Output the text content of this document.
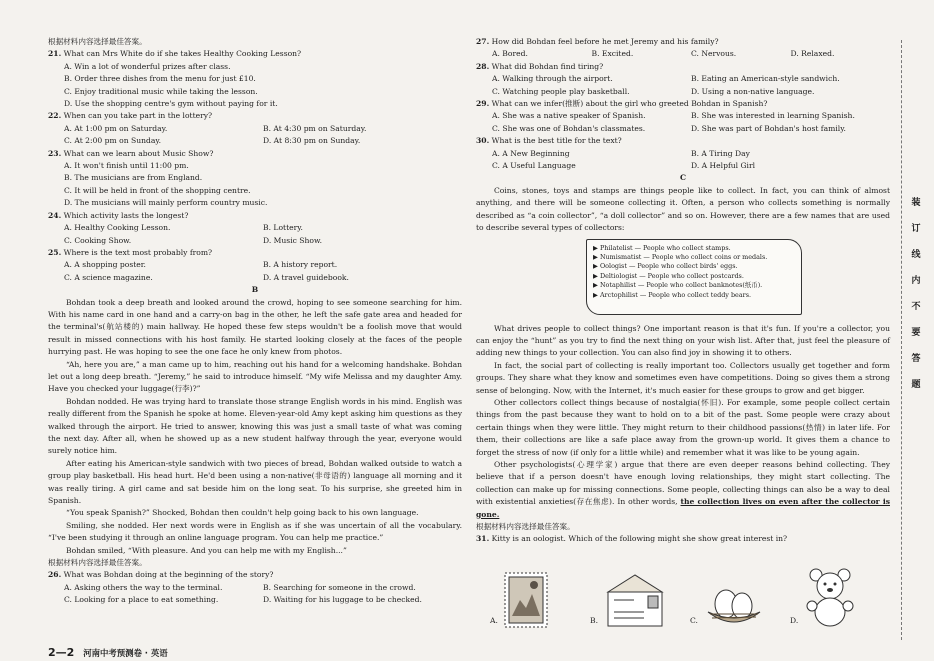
根据材料内容选择最佳答案。

21. What can Mrs White do if she takes Healthy Cooking Lesson?

A. Win a lot of wonderful prizes after class.
B. Order three dishes from the menu for just £10.
C. Enjoy traditional music while taking the lesson.
D. Use the shopping centre's gym without paying for it.

22. When can you take part in the lottery?

A. At 1:00 pm on Saturday.	B. At 4:30 pm on Saturday.
C. At 2:00 pm on Sunday.	D. At 8:30 pm on Sunday.

23. What can we learn about Music Show?

A. It won't finish until 11:00 pm.
B. The musicians are from England.
C. It will be held in front of the shopping centre.
D. The musicians will mainly perform country music.

24. Which activity lasts the longest?

A. Healthy Cooking Lesson.	B. Lottery.
C. Cooking Show.	D. Music Show.

25. Where is the text most probably from?

A. A shopping poster.	B. A history report.
C. A science magazine.	D. A travel guidebook.

B

Bohdan took a deep breath and looked around the crowd, hoping to see someone searching for him. With his name card in one hand and a carry-on bag in the other, he left the safe gate area and headed for the terminal's(航站楼的) main hallway. He hoped these few steps wouldn't be a foolish move that would result in missed connections with his host family. He started looking closely at the faces of the people hurrying past. He was hoping to see the one face he only knew from photos.

“Ah, here you are,” a man came up to him, reaching out his hand for a welcoming handshake. Bohdan let out a long deep breath. “Jeremy,” he said to introduce himself. “My wife Melissa and my daughter Amy. Have you checked your luggage(行李)?”

Bohdan nodded. He was trying hard to translate those strange English words in his mind. English was really different from the Spanish he spoke at home. Eleven-year-old Amy kept asking him questions as they walked through the airport. He tried to answer, knowing this was just a small taste of what was coming the next day. After all, when he showed up as a new student halfway through the year, everyone would surely notice him.

After eating his American-style sandwich with two pieces of bread, Bohdan walked outside to watch a group play basketball. His head hurt. He'd been using a non-native(非母语的) language all morning and it was really tiring. A girl came and sat beside him on the long seat. To his surprise, she greeted him in Spanish.

“You speak Spanish?” Shocked, Bohdan then couldn't help going back to his own language.

Smiling, she nodded. Her next words were in English as if she was uncertain of all the vocabulary. “I've been studying it through an online language program. You can help me practice.”

Bohdan smiled, “With pleasure. And you can help me with my English...”

根据材料内容选择最佳答案。

26. What was Bohdan doing at the beginning of the story?

A. Asking others the way to the terminal.	B. Searching for someone in the crowd.
C. Looking for a place to eat something.	D. Waiting for his luggage to be checked.

27. How did Bohdan feel before he met Jeremy and his family?

A. Bored.	B. Excited.	C. Nervous.	D. Relaxed.

28. What did Bohdan find tiring?

A. Walking through the airport.	B. Eating an American-style sandwich.
C. Watching people play basketball.	D. Using a non-native language.

29. What can we infer(推断) about the girl who greeted Bohdan in Spanish?

A. She was a native speaker of Spanish.	B. She was interested in learning Spanish.
C. She was one of Bohdan's classmates.	D. She was part of Bohdan's host family.

30. What is the best title for the text?

A. A New Beginning	B. A Tiring Day
C. A Useful Language	D. A Helpful Girl

C

Coins, stones, toys and stamps are things people like to collect. In fact, you can think of almost anything, and there will be someone collecting it. Often, a person who collects something is normally described as “a coin collector”, “a doll collector” and so on. However, there are a few names that are used to describe several types of collectors:

▶ Philatelist — People who collect stamps.
▶ Numismatist — People who collect coins or medals.
▶ Oologist — People who collect birds' eggs.
▶ Deltiologist — People who collect postcards.
▶ Notaphilist — People who collect banknotes(纸币).
▶ Arctophilist — People who collect teddy bears.

What drives people to collect things? One important reason is that it's fun. If you're a collector, you can enjoy the “hunt” as you try to find the next thing on your wish list. After that, just feel the pleasure of adding new things to your collection. You can also find joy in showing it to others.

In fact, the social part of collecting is really important too. Collectors usually get together and form groups. They share what they know and sometimes even have competitions. Doing so gives them a strong sense of belonging. Now, with the Internet, it's much easier for these groups to grow and get bigger.

Other collectors collect things because of nostalgia(怀旧). For example, some people collect certain things from the past because they want to hold on to a bit of the past. Some people were crazy about certain things when they were little. They might return to their childhood passions(热情) in later life. For them, their collections are like a safe place away from the grown-up world. It gives them a chance to forget the stress of now (if only for a little while) and remember what it was like to be young again.

Other psychologists(心理学家) argue that there are even deeper reasons behind collecting. They believe that if a person doesn't have enough loving relationships, they might start collecting. The collection can make up for missing connections. Some people, collecting things can also be a way to deal with existential anxieties(存在焦虑). In other words, the collection lives on even after the collector is gone.

根据材料内容选择最佳答案。

31. Kitty is an oologist. Which of the following might she show great interest in?

A.	B.	C.	D.
2—2 河南中考预测卷 · 英语
装订线内不要答题
